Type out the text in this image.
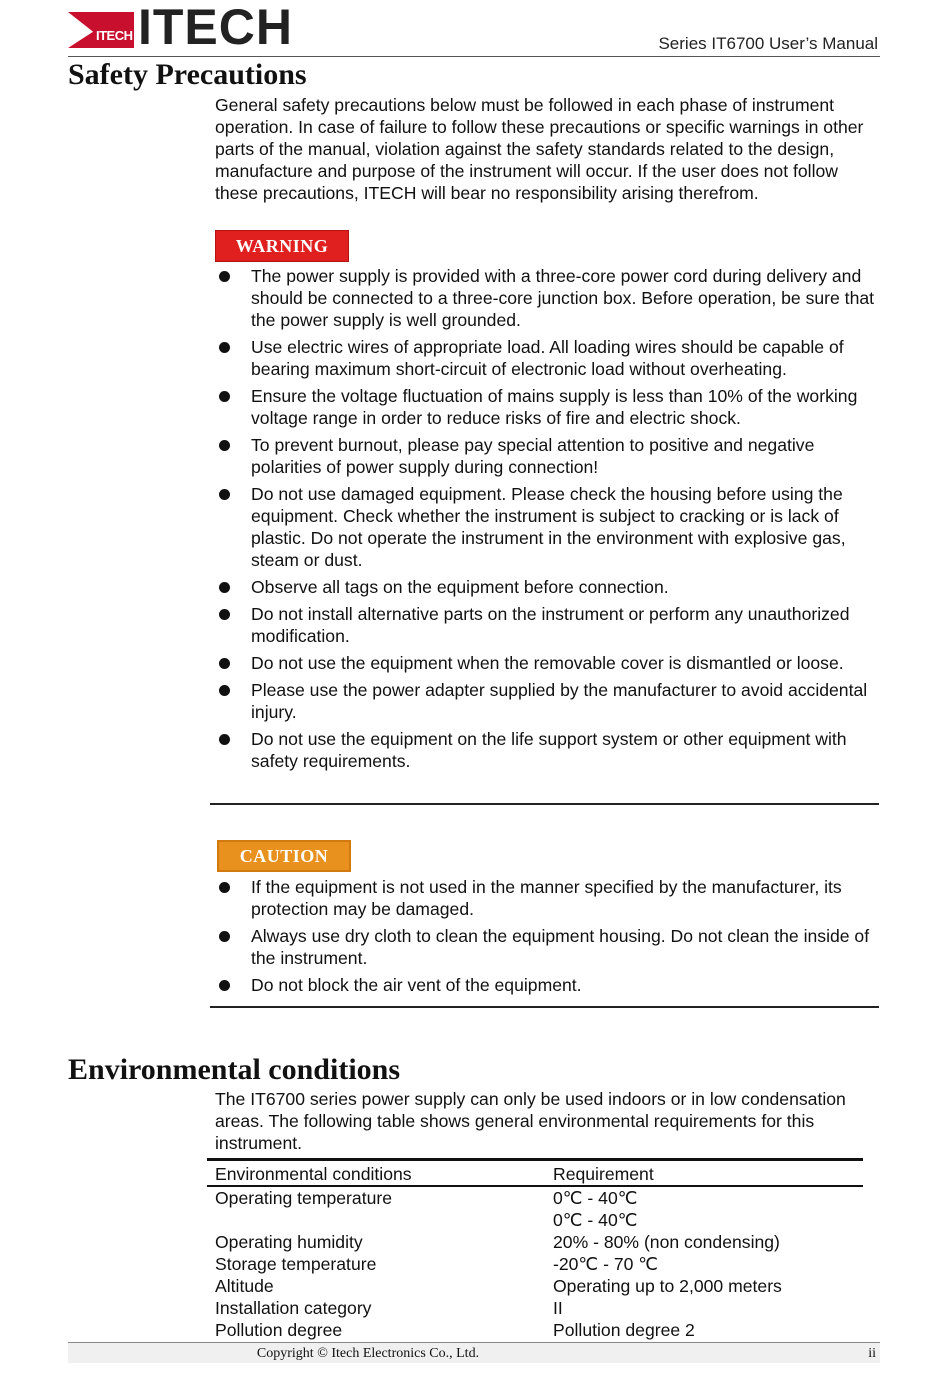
ITECH ITECH	Series IT6700 User’s Manual
Safety Precautions

General safety precautions below must be followed in each phase of instrument operation. In case of failure to follow these precautions or specific warnings in other parts of the manual, violation against the safety standards related to the design, manufacture and purpose of the instrument will occur. If the user does not follow these precautions, ITECH will bear no responsibility arising therefrom.

WARNING
The power supply is provided with a three-core power cord during delivery and should be connected to a three-core junction box. Before operation, be sure that the power supply is well grounded.
Use electric wires of appropriate load. All loading wires should be capable of bearing maximum short-circuit of electronic load without overheating.
Ensure the voltage fluctuation of mains supply is less than 10% of the working voltage range in order to reduce risks of fire and electric shock.
To prevent burnout, please pay special attention to positive and negative polarities of power supply during connection!
Do not use damaged equipment. Please check the housing before using the equipment. Check whether the instrument is subject to cracking or is lack of plastic. Do not operate the instrument in the environment with explosive gas, steam or dust.
Observe all tags on the equipment before connection.
Do not install alternative parts on the instrument or perform any unauthorized modification.
Do not use the equipment when the removable cover is dismantled or loose.
Please use the power adapter supplied by the manufacturer to avoid accidental injury.
Do not use the equipment on the life support system or other equipment with safety requirements.
CAUTION
If the equipment is not used in the manner specified by the manufacturer, its protection may be damaged.
Always use dry cloth to clean the equipment housing. Do not clean the inside of the instrument.
Do not block the air vent of the equipment.
Environmental conditions

The IT6700 series power supply can only be used indoors or in low condensation areas. The following table shows general environmental requirements for this instrument.

Environmental conditions	Requirement
Operating temperature	0℃ - 40℃
	0℃ - 40℃
Operating humidity	20% - 80% (non condensing)
Storage temperature	-20℃ - 70 ℃
Altitude	Operating up to 2,000 meters
Installation category	II
Pollution degree	Pollution degree 2
Copyright © Itech Electronics Co., Ltd.	ii
